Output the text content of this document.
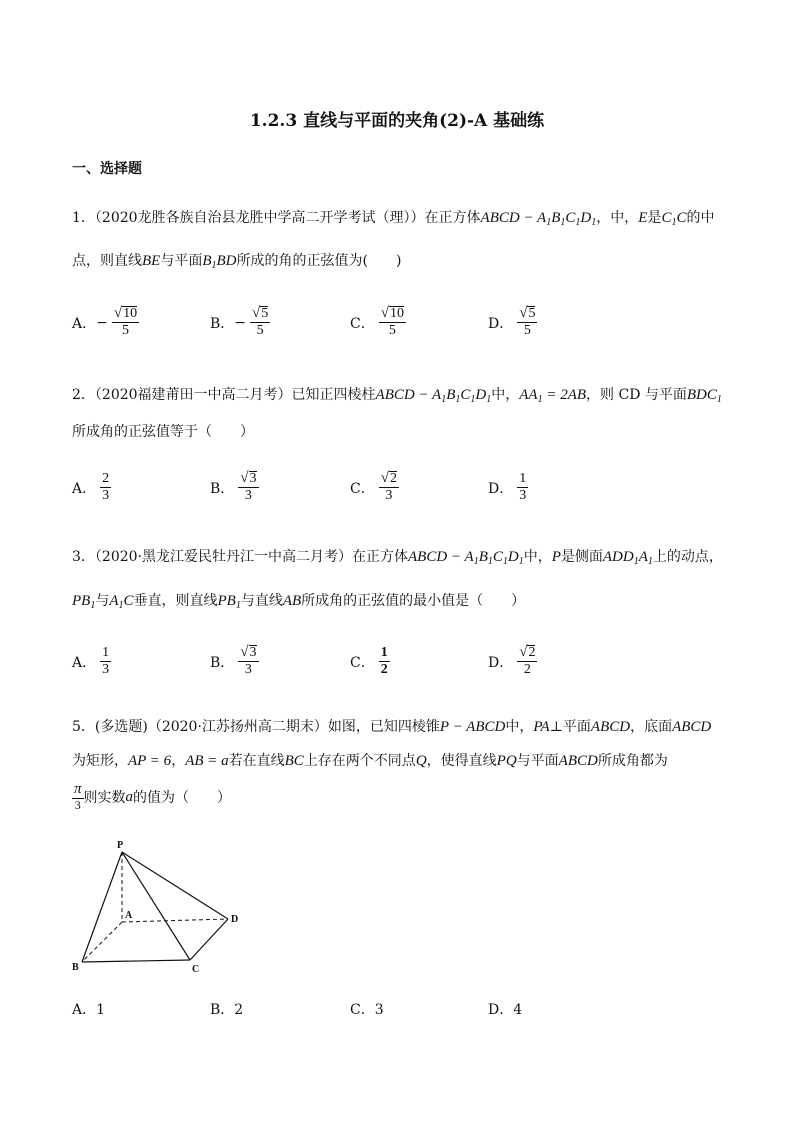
1.2.3 直线与平面的夹角(2)-A 基础练
一、选择题
1．（2020龙胜各族自治县龙胜中学高二开学考试（理））在正方体ABCD − $A_1B_1C_1D_1$，中，E是$C_1C$的中
点，则直线BE与平面$B_1BD$所成的角的正弦值为(　　)
A． − $\frac{√ 10}{5}$	B． − $\frac{√ 5}{5}$	C． $\frac{√ 10}{5}$	D． $\frac{√ 5}{5}$
2．（2020福建莆田一中高二月考）已知正四棱柱ABCD − $A_1B_1C_1D_1$中，$AA_1 = 2AB$，则 CD 与平面$BDC_1$
所成角的正弦值等于（　　）
A． $\frac{2}{3}$	B． $\frac{√ 3}{3}$	C． $\frac{√ 2}{3}$	D． $\frac{1}{3}$
3．（2020·黑龙江爱民牡丹江一中高二月考）在正方体ABCD − $A_1B_1C_1D_1$中，P是侧面$ADD_1A_1$上的动点，
$PB_1$与$A_1C$垂直，则直线$PB_1$与直线AB所成角的正弦值的最小值是（　　）
A． $\frac{1}{3}$	B． $\frac{√ 3}{3}$	C． $\frac{1}{2}$	D． $\frac{√ 2}{2}$
5．(多选题)（2020·江苏扬州高二期末）如图，已知四棱锥P − ABCD中，PA⊥平面ABCD，底面ABCD
为矩形，AP = 6，AB = a若在直线BC上存在两个不同点Q，使得直线PQ与平面ABCD所成角都为
$\frac{\pi}{3}$ 则实数 a 的值为（　　）
P
A
B	C
D
A．1	B．2	C．3	D．4
